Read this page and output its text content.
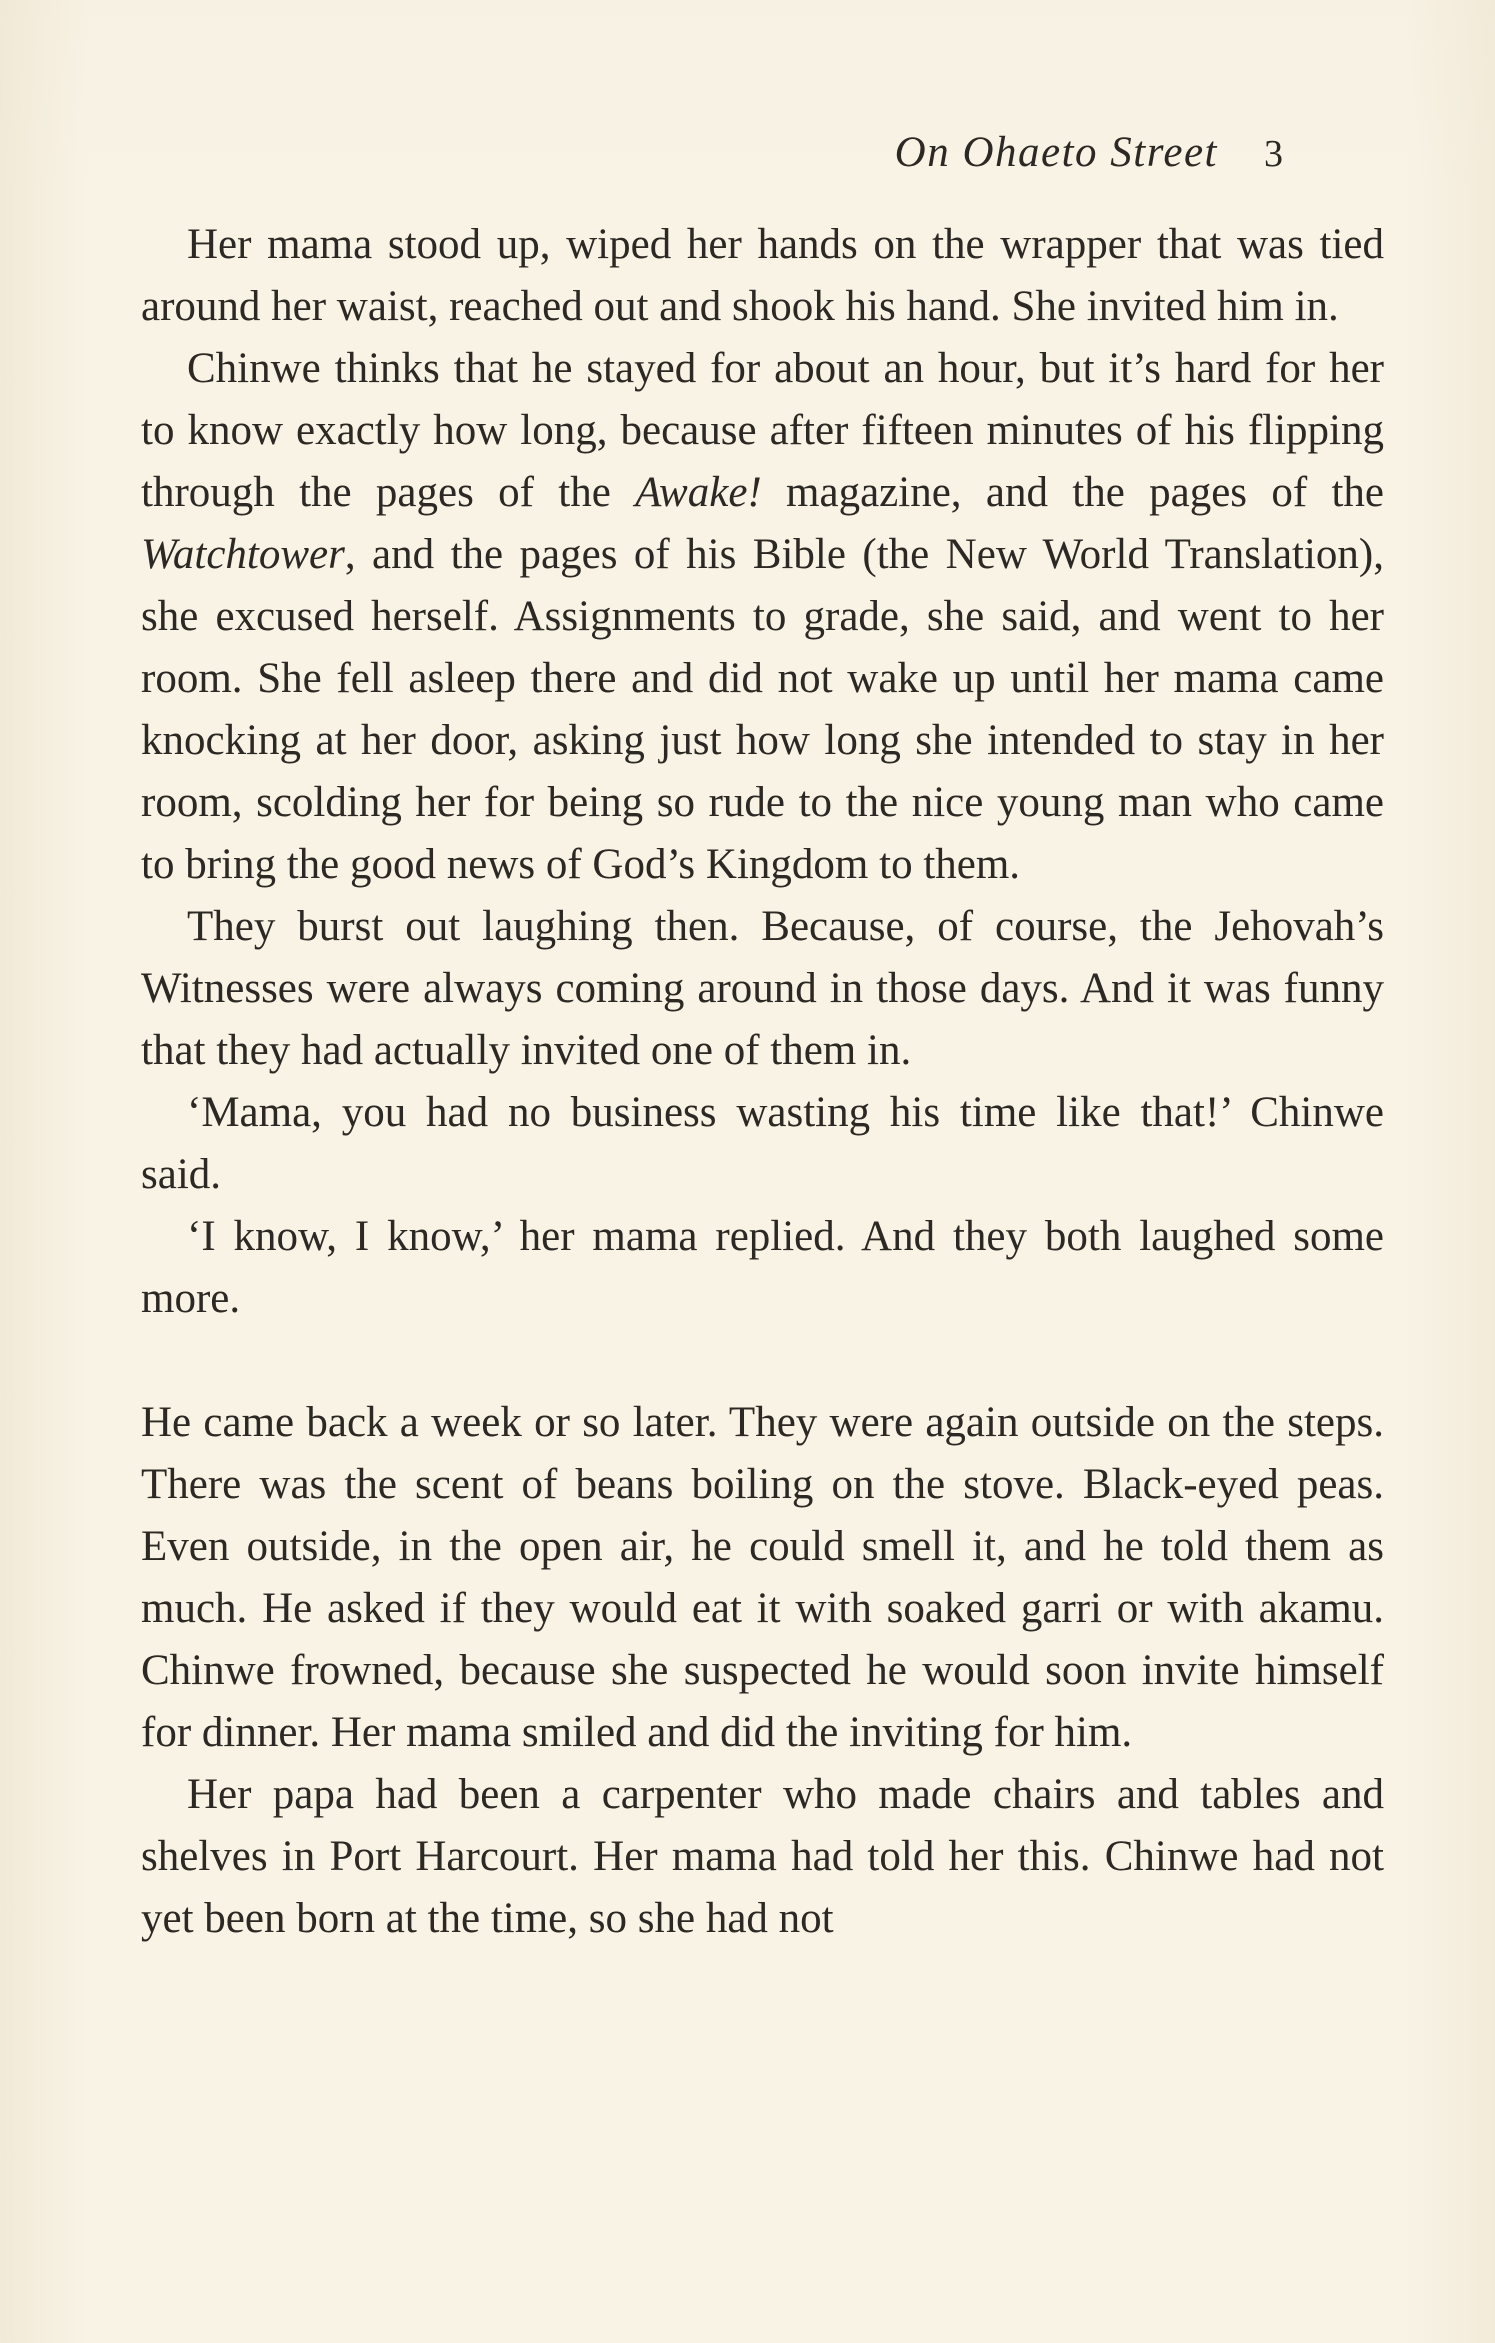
On Ohaeto Street 3

Her mama stood up, wiped her hands on the wrapper that was tied around her waist, reached out and shook his hand. She invited him in.

Chinwe thinks that he stayed for about an hour, but it’s hard for her to know exactly how long, because after fifteen minutes of his flipping through the pages of the Awake! magazine, and the pages of the Watchtower, and the pages of his Bible (the New World Translation), she excused herself. Assignments to grade, she said, and went to her room. She fell asleep there and did not wake up until her mama came knocking at her door, asking just how long she intended to stay in her room, scolding her for being so rude to the nice young man who came to bring the good news of God’s Kingdom to them.

They burst out laughing then. Because, of course, the Jehovah’s Witnesses were always coming around in those days. And it was funny that they had actually invited one of them in.

‘Mama, you had no business wasting his time like that!’ Chinwe said.

‘I know, I know,’ her mama replied. And they both laughed some more.

He came back a week or so later. They were again outside on the steps. There was the scent of beans boiling on the stove. Black-eyed peas. Even outside, in the open air, he could smell it, and he told them as much. He asked if they would eat it with soaked garri or with akamu. Chinwe frowned, because she suspected he would soon invite himself for dinner. Her mama smiled and did the inviting for him.

Her papa had been a carpenter who made chairs and tables and shelves in Port Harcourt. Her mama had told her this. Chinwe had not yet been born at the time, so she had not
